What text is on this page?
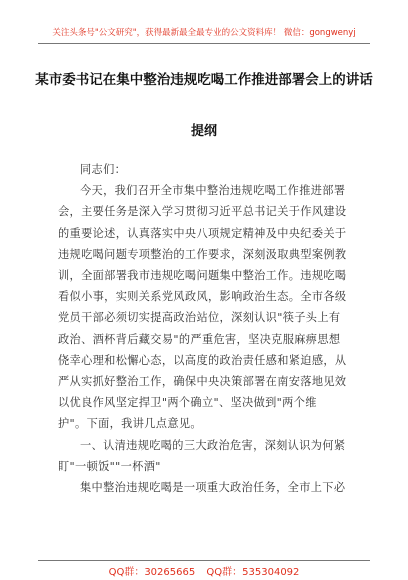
关注头条号"公文研究"，获得最新最全最专业的公文资料库！ 微信：gongwenyj
某市委书记在集中整治违规吃喝工作推进部署会上的讲话
提纲

同志们：

今天，我们召开全市集中整治违规吃喝工作推进部署
会，主要任务是深入学习贯彻习近平总书记关于作风建设
的重要论述，认真落实中央八项规定精神及中央纪委关于
违规吃喝问题专项整治的工作要求，深刻汲取典型案例教
训，全面部署我市违规吃喝问题集中整治工作。违规吃喝
看似小事，实则关系党风政风，影响政治生态。全市各级
党员干部必须切实提高政治站位，深刻认识"筷子头上有
政治、酒杯背后藏交易"的严重危害，坚决克服麻痹思想
侥幸心理和松懈心态，以高度的政治责任感和紧迫感，从
严从实抓好整治工作，确保中央决策部署在南安落地见效
以优良作风坚定捍卫"两个确立"、坚决做到"两个维
护"。下面，我讲几点意见。

一、认清违规吃喝的三大政治危害，深刻认识为何紧
盯"一顿饭""一杯酒"

集中整治违规吃喝是一项重大政治任务，全市上下必

QQ群：30265665 QQ群：535304092
